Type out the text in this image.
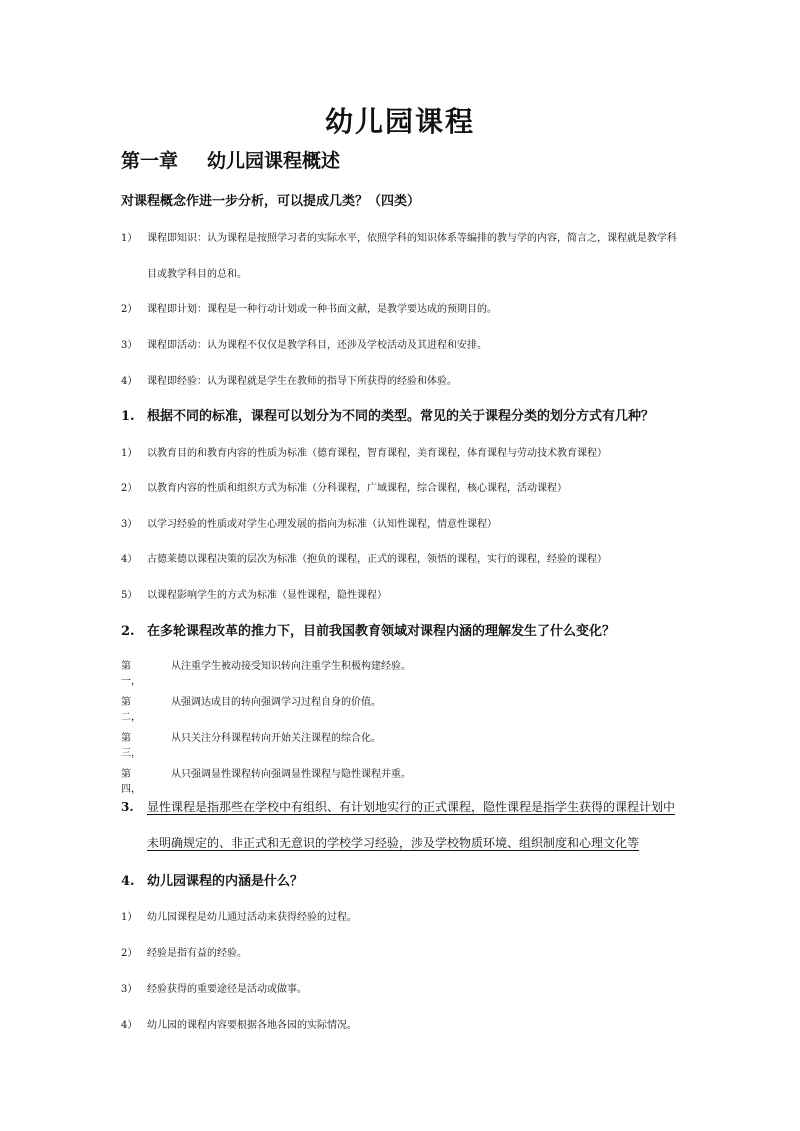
幼儿园课程
第一章 幼儿园课程概述
对课程概念作进一步分析，可以提成几类？（四类）
1） 课程即知识：认为课程是按照学习者的实际水平，依照学科的知识体系等编排的教与学的内容，简言之，课程就是教学科
目或教学科目的总和。
2） 课程即计划：课程是一种行动计划或一种书面文献，是教学要达成的预期目的。
3） 课程即活动：认为课程不仅仅是教学科目，还涉及学校活动及其进程和安排。
4） 课程即经验：认为课程就是学生在教师的指导下所获得的经验和体验。
1. 根据不同的标准，课程可以划分为不同的类型。常见的关于课程分类的划分方式有几种？
1） 以教育目的和教育内容的性质为标准（德育课程，智育课程，美育课程，体育课程与劳动技术教育课程）
2） 以教育内容的性质和组织方式为标准（分科课程，广域课程，综合课程，核心课程，活动课程）
3） 以学习经验的性质或对学生心理发展的指向为标准（认知性课程，情意性课程）
4） 古德莱德以课程决策的层次为标准（抱负的课程，正式的课程，领悟的课程，实行的课程，经验的课程）
5） 以课程影响学生的方式为标准（显性课程，隐性课程）
2. 在多轮课程改革的推力下，目前我国教育领域对课程内涵的理解发生了什么变化？
第一，
从注重学生被动接受知识转向注重学生积极构建经验。
第二，
从强调达成目的转向强调学习过程自身的价值。
第三，
从只关注分科课程转向开始关注课程的综合化。
第四，
从只强调显性课程转向强调显性课程与隐性课程并重。
3. 显性课程是指那些在学校中有组织、有计划地实行的正式课程，隐性课程是指学生获得的课程计划中
未明确规定的、非正式和无意识的学校学习经验，涉及学校物质环境、组织制度和心理文化等
4. 幼儿园课程的内涵是什么？
1） 幼儿园课程是幼儿通过活动来获得经验的过程。
2） 经验是指有益的经验。
3） 经验获得的重要途径是活动或做事。
4） 幼儿园的课程内容要根据各地各园的实际情况。
